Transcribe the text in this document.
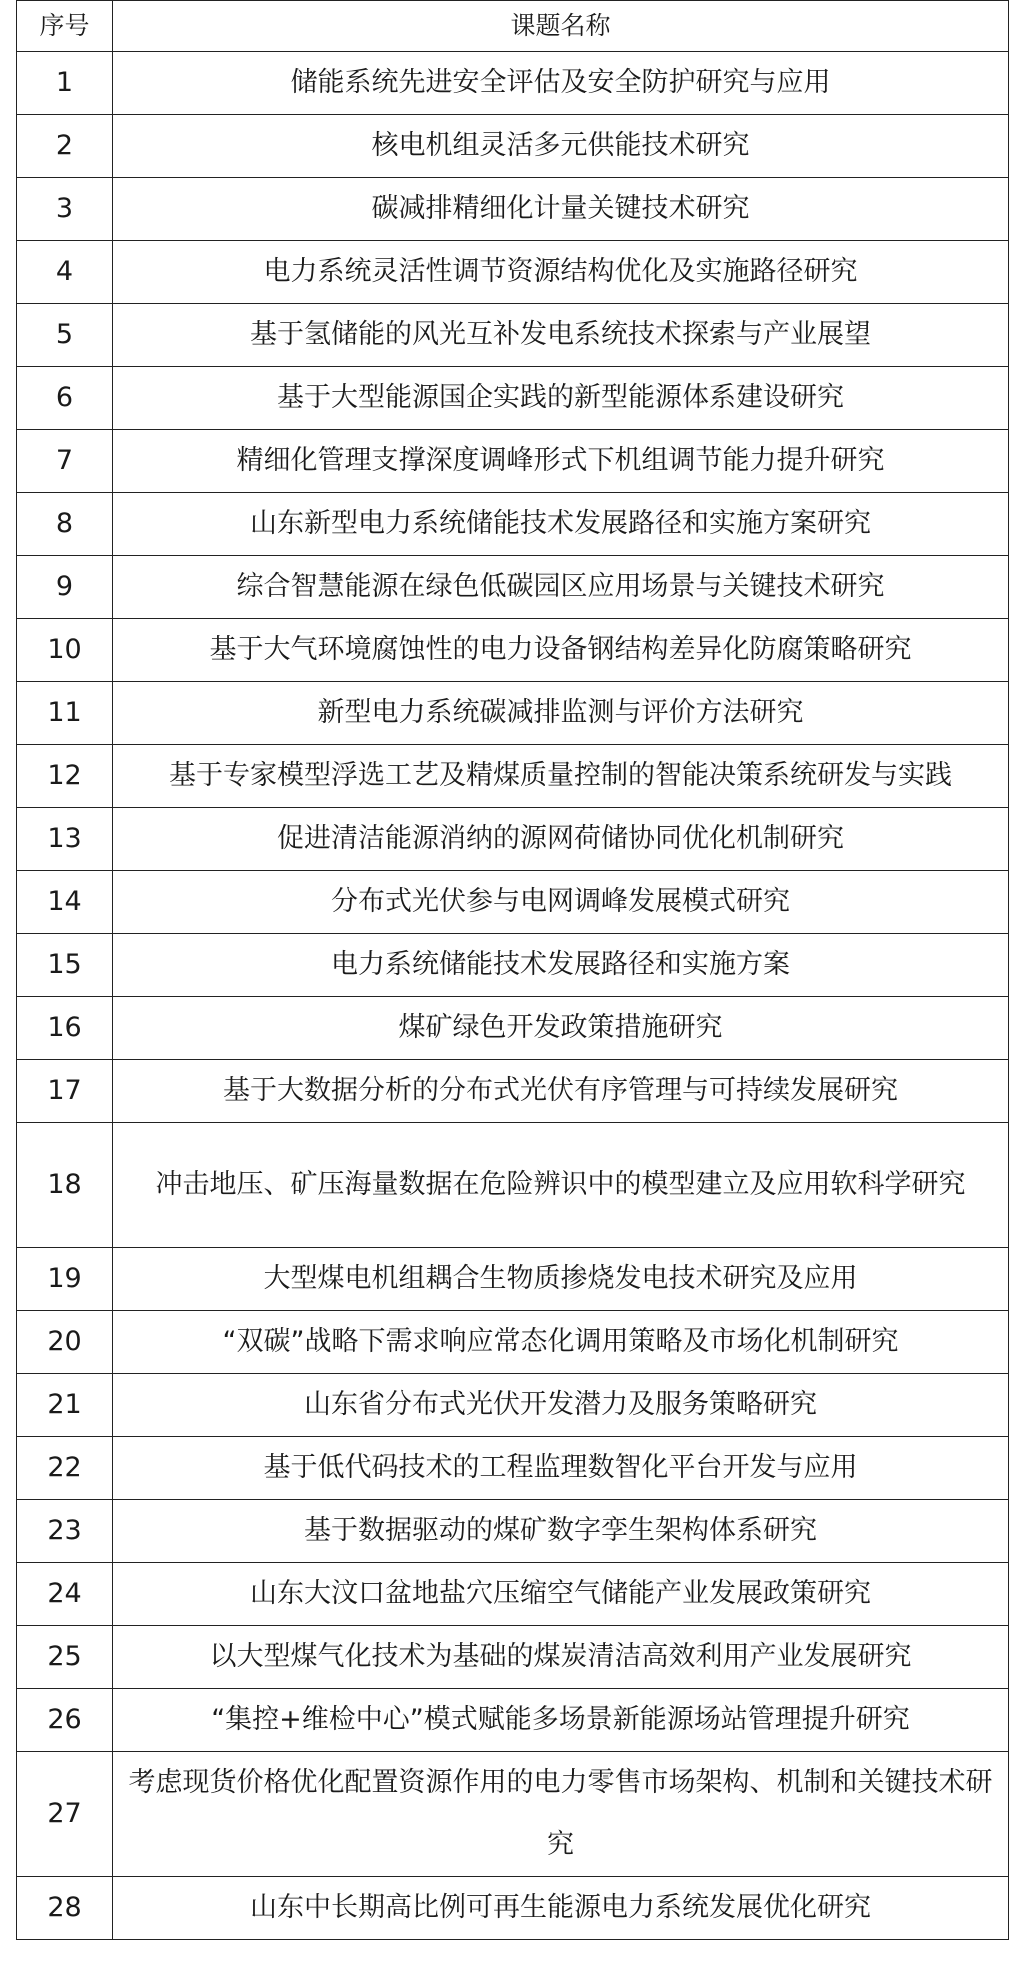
序号	课题名称
1	储能系统先进安全评估及安全防护研究与应用
2	核电机组灵活多元供能技术研究
3	碳减排精细化计量关键技术研究
4	电力系统灵活性调节资源结构优化及实施路径研究
5	基于氢储能的风光互补发电系统技术探索与产业展望
6	基于大型能源国企实践的新型能源体系建设研究
7	精细化管理支撑深度调峰形式下机组调节能力提升研究
8	山东新型电力系统储能技术发展路径和实施方案研究
9	综合智慧能源在绿色低碳园区应用场景与关键技术研究
10	基于大气环境腐蚀性的电力设备钢结构差异化防腐策略研究
11	新型电力系统碳减排监测与评价方法研究
12	基于专家模型浮选工艺及精煤质量控制的智能决策系统研发与实践
13	促进清洁能源消纳的源网荷储协同优化机制研究
14	分布式光伏参与电网调峰发展模式研究
15	电力系统储能技术发展路径和实施方案
16	煤矿绿色开发政策措施研究
17	基于大数据分析的分布式光伏有序管理与可持续发展研究
18	冲击地压、矿压海量数据在危险辨识中的模型建立及应用软科学研究
19	大型煤电机组耦合生物质掺烧发电技术研究及应用
20	“双碳”战略下需求响应常态化调用策略及市场化机制研究
21	山东省分布式光伏开发潜力及服务策略研究
22	基于低代码技术的工程监理数智化平台开发与应用
23	基于数据驱动的煤矿数字孪生架构体系研究
24	山东大汶口盆地盐穴压缩空气储能产业发展政策研究
25	以大型煤气化技术为基础的煤炭清洁高效利用产业发展研究
26	“集控+维检中心”模式赋能多场景新能源场站管理提升研究
27	考虑现货价格优化配置资源作用的电力零售市场架构、机制和关键技术研究
28	山东中长期高比例可再生能源电力系统发展优化研究
